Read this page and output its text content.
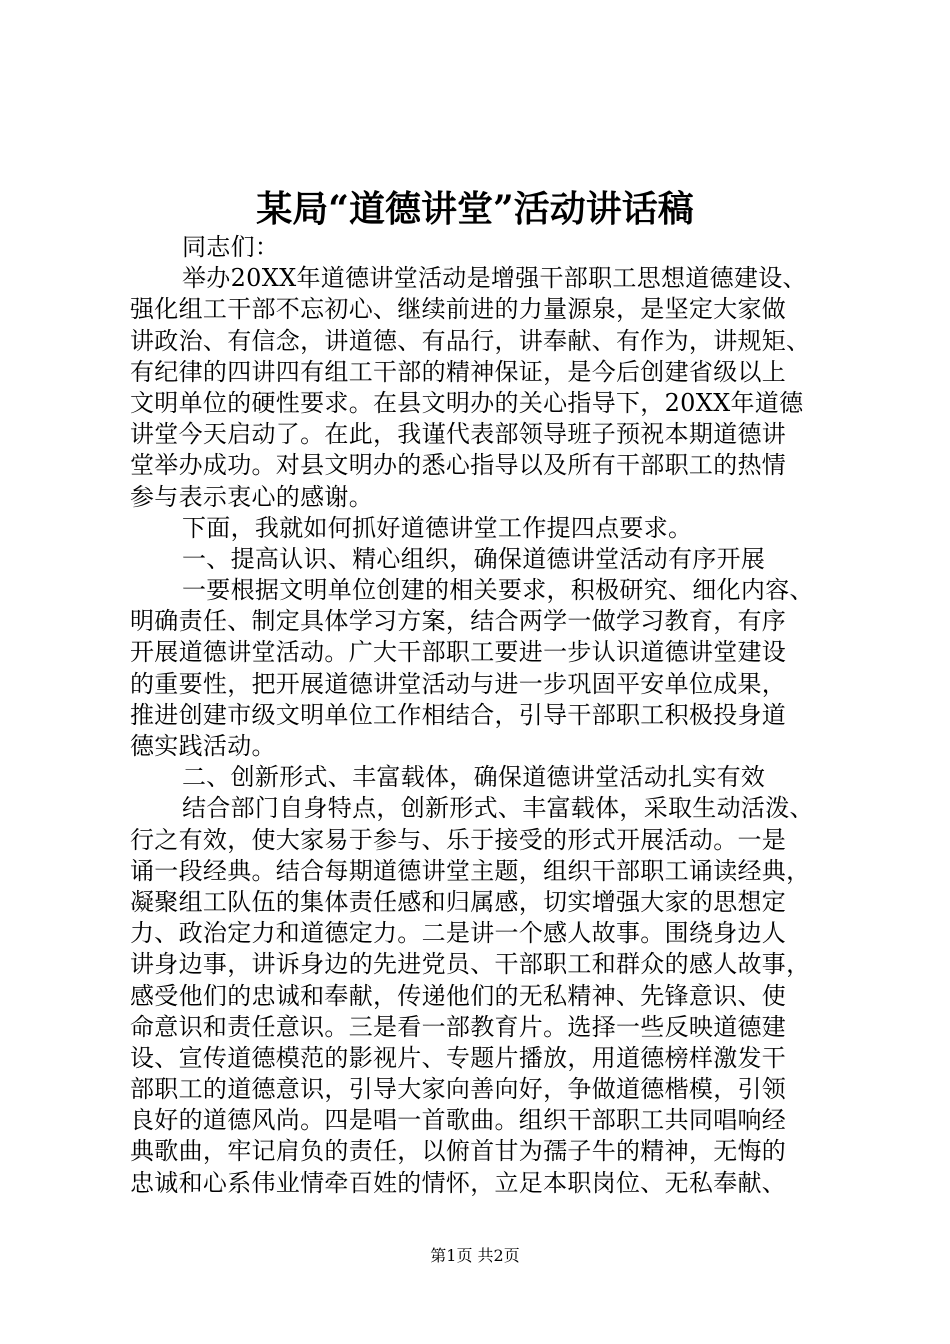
某局“道德讲堂”活动讲话稿
同志们：
举办20XX年道德讲堂活动是增强干部职工思想道德建设、
强化组工干部不忘初心、继续前进的力量源泉，是坚定大家做
讲政治、有信念，讲道德、有品行，讲奉献、有作为，讲规矩、
有纪律的四讲四有组工干部的精神保证，是今后创建省级以上
文明单位的硬性要求。在县文明办的关心指导下，20XX年道德
讲堂今天启动了。在此，我谨代表部领导班子预祝本期道德讲
堂举办成功。对县文明办的悉心指导以及所有干部职工的热情
参与表示衷心的感谢。
下面，我就如何抓好道德讲堂工作提四点要求。
一、提高认识、精心组织，确保道德讲堂活动有序开展
一要根据文明单位创建的相关要求，积极研究、细化内容、
明确责任、制定具体学习方案，结合两学一做学习教育，有序
开展道德讲堂活动。广大干部职工要进一步认识道德讲堂建设
的重要性，把开展道德讲堂活动与进一步巩固平安单位成果，
推进创建市级文明单位工作相结合，引导干部职工积极投身道
德实践活动。
二、创新形式、丰富载体，确保道德讲堂活动扎实有效
结合部门自身特点，创新形式、丰富载体，采取生动活泼、
行之有效，使大家易于参与、乐于接受的形式开展活动。一是
诵一段经典。结合每期道德讲堂主题，组织干部职工诵读经典，
凝聚组工队伍的集体责任感和归属感，切实增强大家的思想定
力、政治定力和道德定力。二是讲一个感人故事。围绕身边人
讲身边事，讲诉身边的先进党员、干部职工和群众的感人故事，
感受他们的忠诚和奉献，传递他们的无私精神、先锋意识、使
命意识和责任意识。三是看一部教育片。选择一些反映道德建
设、宣传道德模范的影视片、专题片播放，用道德榜样激发干
部职工的道德意识，引导大家向善向好，争做道德楷模，引领
良好的道德风尚。四是唱一首歌曲。组织干部职工共同唱响经
典歌曲，牢记肩负的责任，以俯首甘为孺子牛的精神，无悔的
忠诚和心系伟业情牵百姓的情怀，立足本职岗位、无私奉献、
第1页 共2页
